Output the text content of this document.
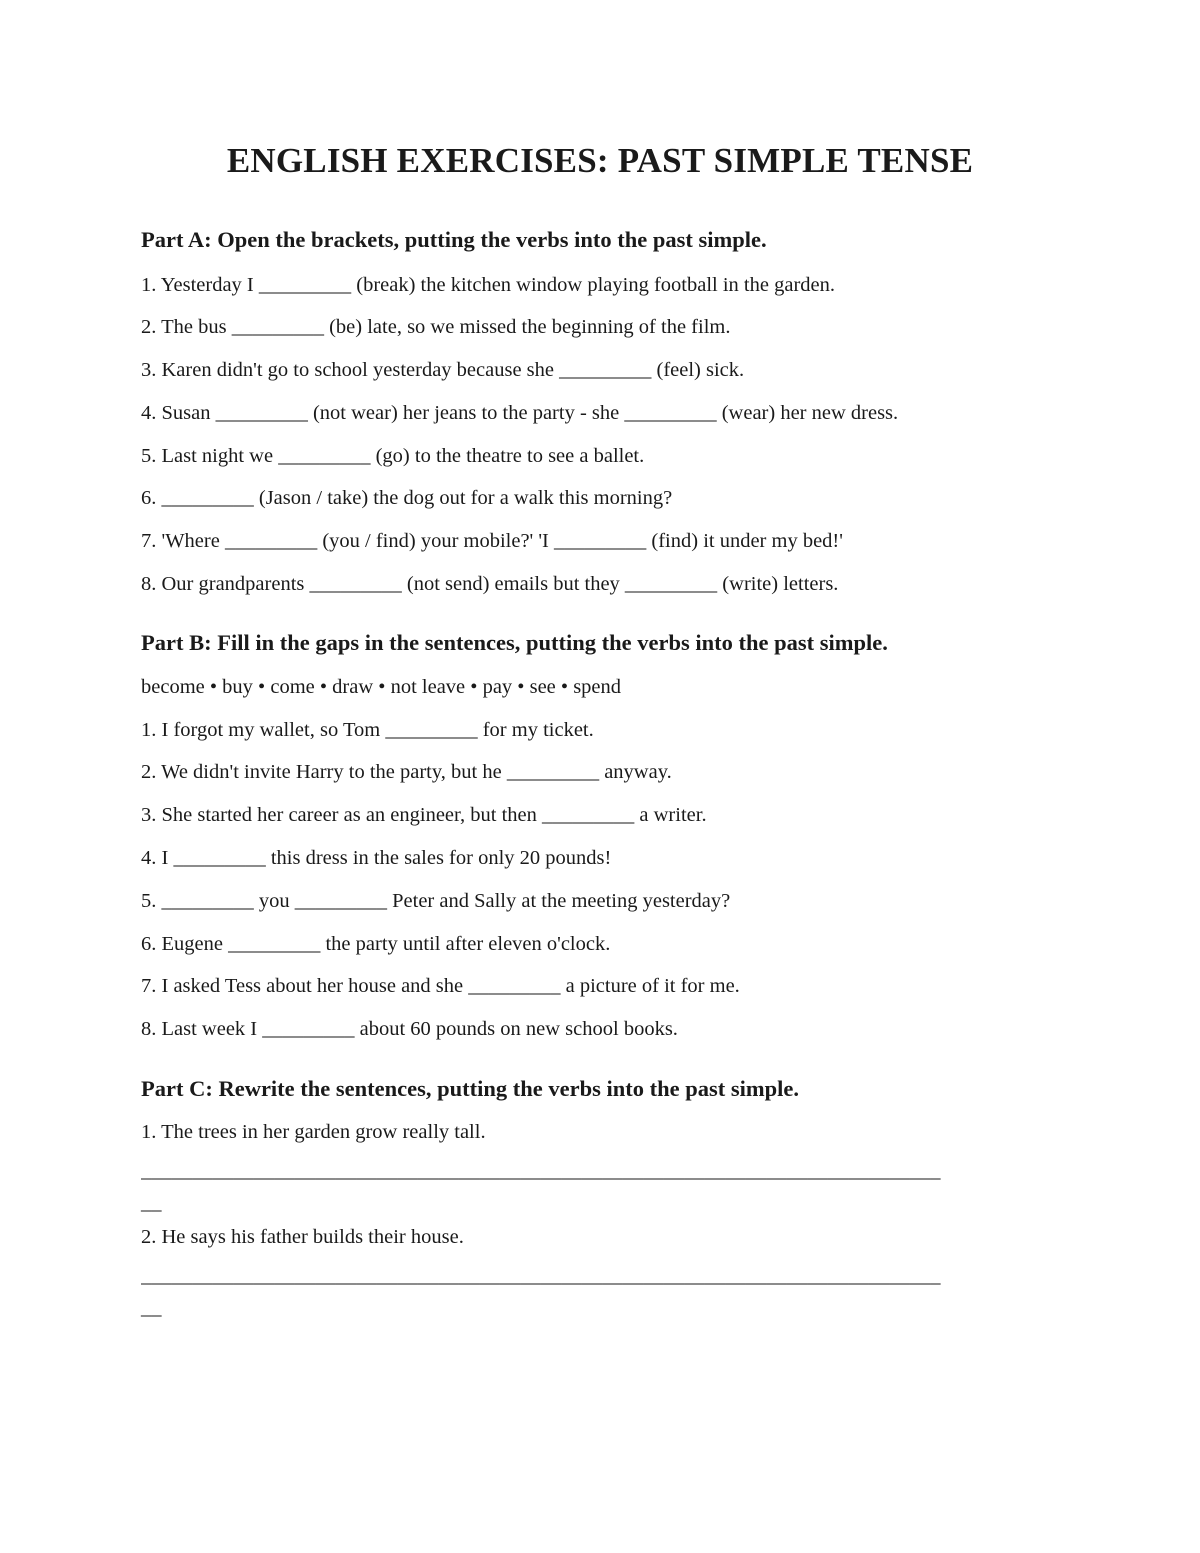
ENGLISH EXERCISES: PAST SIMPLE TENSE
Part A: Open the brackets, putting the verbs into the past simple.

1. Yesterday I _________ (break) the kitchen window playing football in the garden.

2. The bus _________ (be) late, so we missed the beginning of the film.

3. Karen didn't go to school yesterday because she _________ (feel) sick.

4. Susan _________ (not wear) her jeans to the party - she _________ (wear) her new dress.

5. Last night we _________ (go) to the theatre to see a ballet.

6. _________ (Jason / take) the dog out for a walk this morning?

7. 'Where _________ (you / find) your mobile?' 'I _________ (find) it under my bed!'

8. Our grandparents _________ (not send) emails but they _________ (write) letters.

Part B: Fill in the gaps in the sentences, putting the verbs into the past simple.

become • buy • come • draw • not leave • pay • see • spend

1. I forgot my wallet, so Tom _________ for my ticket.

2. We didn't invite Harry to the party, but he _________ anyway.

3. She started her career as an engineer, but then _________ a writer.

4. I _________ this dress in the sales for only 20 pounds!

5. _________ you _________ Peter and Sally at the meeting yesterday?

6. Eugene _________ the party until after eleven o'clock.

7. I asked Tess about her house and she _________ a picture of it for me.

8. Last week I _________ about 60 pounds on new school books.

Part C: Rewrite the sentences, putting the verbs into the past simple.

1. The trees in her garden grow really tall.

______________________________________________________________________________

__

2. He says his father builds their house.

______________________________________________________________________________

__
